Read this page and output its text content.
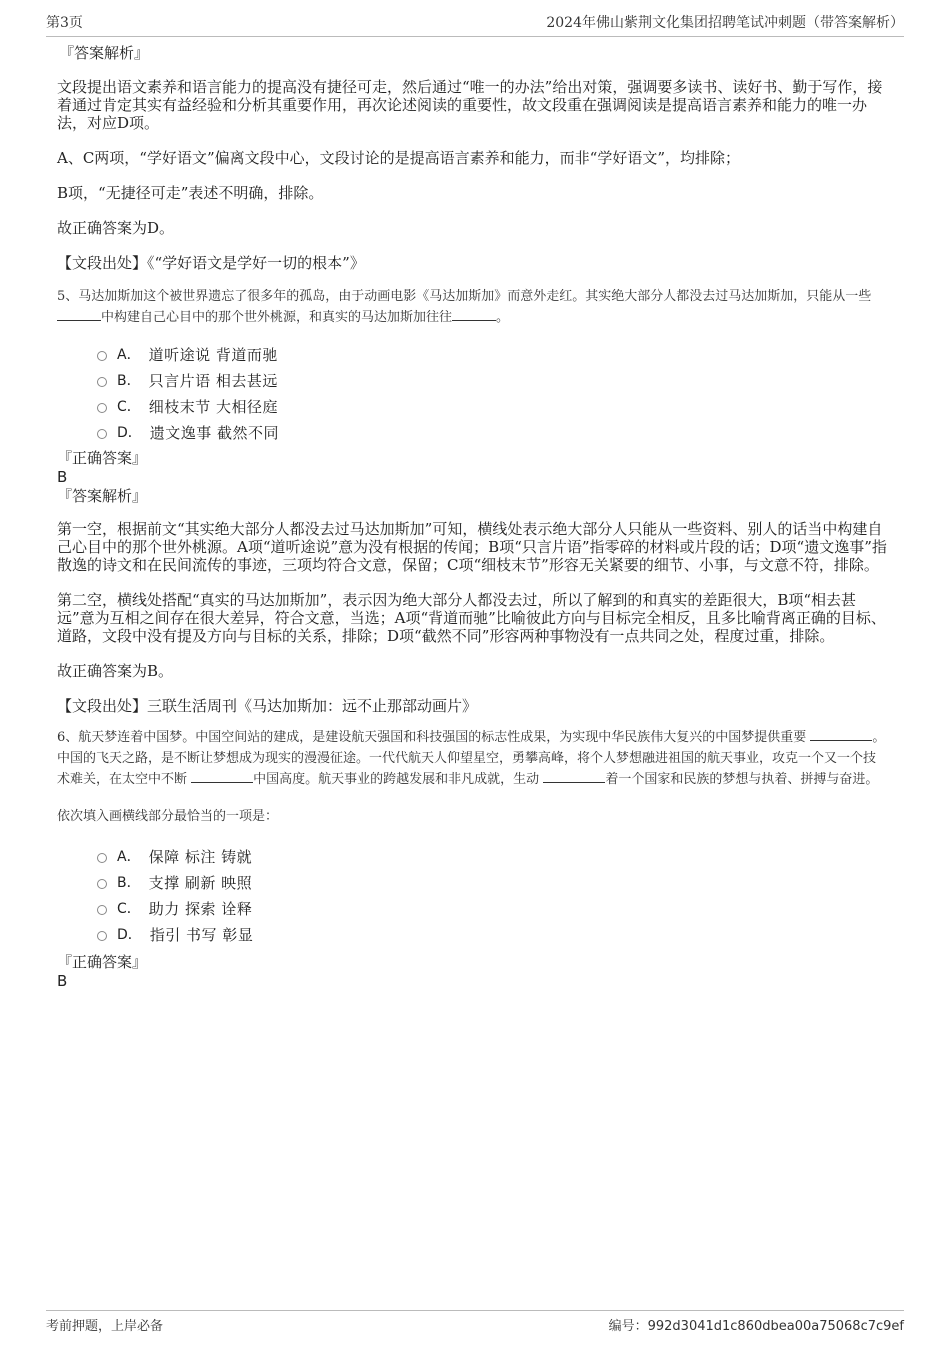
第3页	2024年佛山紫荆文化集团招聘笔试冲刺题（带答案解析）
『答案解析』

文段提出语文素养和语言能力的提高没有捷径可走，然后通过“唯一的办法”给出对策，强调要多读书、读好书、勤于写作，接着通过肯定其实有益经验和分析其重要作用，再次论述阅读的重要性，故文段重在强调阅读是提高语言素养和能力的唯一办法，对应D项。

A、C两项，“学好语文”偏离文段中心，文段讨论的是提高语言素养和能力，而非“学好语文”，均排除；

B项，“无捷径可走”表述不明确，排除。

故正确答案为D。

【文段出处】《“学好语文是学好一切的根本”》

5、马达加斯加这个被世界遗忘了很多年的孤岛，由于动画电影《马达加斯加》而意外走红。其实绝大部分人都没去过马达加斯加，只能从一些中构建自己心目中的那个世外桃源，和真实的马达加斯加往往	。

A． 道听途说 背道而驰
B． 只言片语 相去甚远
C． 细枝末节 大相径庭
D． 遗文逸事 截然不同
『正确答案』
B
『答案解析』

第一空，根据前文“其实绝大部分人都没去过马达加斯加”可知，横线处表示绝大部分人只能从一些资料、别人的话当中构建自己心目中的那个世外桃源。A项“道听途说”意为没有根据的传闻；B项“只言片语”指零碎的材料或片段的话；D项“遗文逸事”指散逸的诗文和在民间流传的事迹，三项均符合文意，保留；C项“细枝末节”形容无关紧要的细节、小事，与文意不符，排除。

第二空，横线处搭配“真实的马达加斯加”，表示因为绝大部分人都没去过，所以了解到的和真实的差距很大，B项“相去甚远”意为互相之间存在很大差异，符合文意，当选；A项“背道而驰”比喻彼此方向与目标完全相反，且多比喻背离正确的目标、道路，文段中没有提及方向与目标的关系，排除；D项“截然不同”形容两种事物没有一点共同之处，程度过重，排除。

故正确答案为B。

【文段出处】三联生活周刊《马达加斯加：远不止那部动画片》

6、航天梦连着中国梦。中国空间站的建成，是建设航天强国和科技强国的标志性成果，为实现中华民族伟大复兴的中国梦提供重要	。中国的飞天之路，是不断让梦想成为现实的漫漫征途。一代代航天人仰望星空，勇攀高峰，将个人梦想融进祖国的航天事业，攻克一个又一个技术难关，在太空中不断	中国高度。航天事业的跨越发展和非凡成就，生动	着一个国家和民族的梦想与执着、拼搏与奋进。

依次填入画横线部分最恰当的一项是：

A． 保障 标注 铸就
B． 支撑 刷新 映照
C． 助力 探索 诠释
D． 指引 书写 彰显
『正确答案』
B
考前押题，上岸必备	编号：992d3041d1c860dbea00a75068c7c9ef
